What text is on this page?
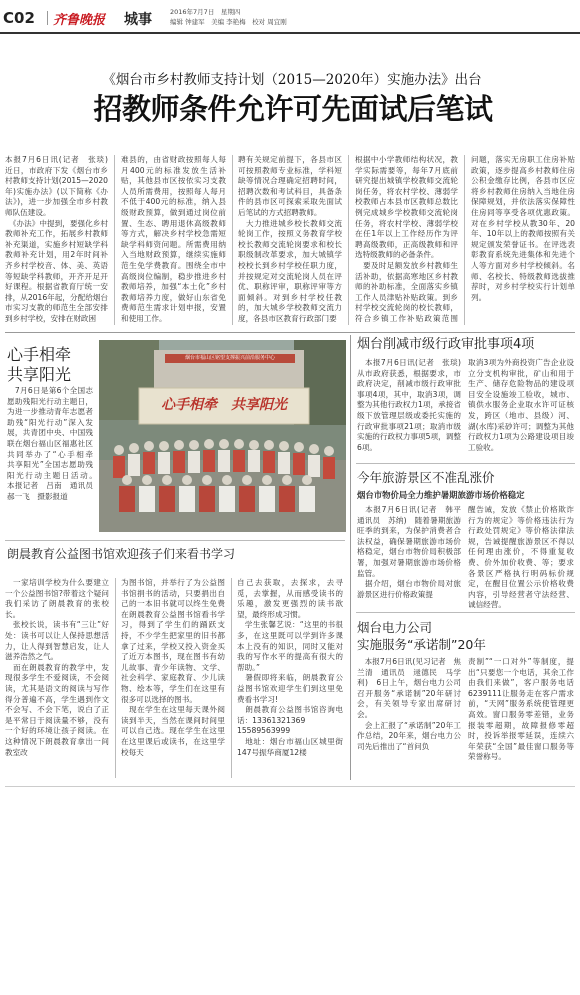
C02 齐鲁晚报 城事	2016年7月7日　星期四
编辑 钟建军　美编 李艳梅　校对 周宜刚
《烟台市乡村教师支持计划（2015—2020年）实施办法》出台
招教师条件允许可先面试后笔试
本报7月6日讯(记者　张琰)　近日，市政府下发《烟台市乡村教师支持计划(2015—2020年)实施办法》(以下简称《办法》)，进一步加强全市乡村教师队伍建设。
　《办法》中提到，要强化乡村教师补充工作，拓展乡村教师补充渠道，实施乡村短缺学科教师补充计划，用2年时间补齐乡村学校音、体、美、英语等短缺学科教师，开齐开足开好课程。根据省教育厅统一安排，从2016年起，分配给烟台市实习支教的师范生全部安排到乡村学校，安排在财政困
难县的，由省财政按照每人每月400元的标准发放生活补贴，其他县市区按依实习支教人员所需费用，按照每人每月不低于400元的标准，纳入县级财政预算，做到通过岗位前置、生态、聘用退休高级教师等方式，解决乡村学校急需短缺学科师资问题。所需费用纳入当地财政预算，继续实施师范生免学费教育。围绕全市中高级岗位编制，稳步推进乡村教师培养，加强“本土化”乡村教师培养力度，做好山东省免费师范生需求计划申报，安置和使用工作。

聘有关规定前提下，各县市区可按照教师专业标准，学科短缺等情况合理确定招聘时间，招聘次数和考试科目，具备条件的县市区可探索采取先面试后笔试的方式招聘教师。
　大力推进城乡校长教师交流轮岗工作，按照义务教育学校校长教师交流轮岗要求和校长职级制改革要求，加大城镇学校校长到乡村学校任职力度，并按规定对交流轮岗人员在评优、职称评审，职称评审等方面倾斜。对到乡村学校任教的，加大城乡学校教师交流力度，各县市区教育行政部门要
根据中小学教师结构状况，教学实际需要等，每年7月底前研究提出城镇学校教师交流轮岗任务，将农村学校、薄弱学校教师占本县市区教师总数比例完成城乡学校教师交流轮岗任务，将农村学校、薄弱学校在任1年以上工作经历作为评聘高级教师，正高级教师和评选特级教师的必备条件。
　要及时足额发放乡村教师生活补助，依据高寒地区乡村教师的补助标准，全面落实乡镇工作人员津贴补贴政策。到乡村学校交流轮岗的校长教师，符合乡镇工作补贴政策范围

问题，落实无房职工住房补贴政策，逐步提高乡村教师住房公积金缴存比例，各县市区应将乡村教师住房纳入当地住房保障规划，并依法落实保障性住房同等享受各项优惠政策。对在乡村学校从教30年、20年、10年以上的教师按照有关规定颁发荣誉证书。在评选表彰教育系统先进集体和先进个人等方面对乡村学校倾斜。名师、名校长、特级教师选拔推荐时，对乡村学校实行计划单列。
心手相牵
共享阳光
　7月6日是第6个全国志愿助残阳光行动主题日，为进一步推动青年志愿者助残“阳光行动”深入发展，共青团中央、中国残联在烟台福山区福惠社区共同举办了“心手相牵　共享阳光”全国志愿助残阳光行动主题日活动。　本报记者　吕南　通讯员　郝一飞　摄影报道
烟台市福山区铭望支撑振兴前沿服务中心
心手相牵　共享阳光
朗晨教育公益图书馆欢迎孩子们来看书学习
　一家培训学校为什么要建立一个公益图书馆?带着这个疑问我们采访了朗晨教育的张校长。
　张校长说，读书有“三让”好处：读书可以让人保持思想活力，让人得到智慧启发，让人滋养浩然之气。
　而在朗晨教育的教学中，发现很多学生不爱阅读，不会阅读，尤其是语文的阅读与写作得分普遍不高，学生遇到作文不会写、不会下笔，说白了正是平常日于阅读量不够，没有一个好的环境让孩子阅读。在这种情况下朗晨教育拿出一间教室改
为图书馆，并举行了为公益图书馆捐书的活动，只要捐出自己的一本旧书就可以终生免费在朗晨教育公益图书馆看书学习，得到了学生们的踊跃支持，不少学生把家里的旧书都拿了过来，学校又投入资金买了近万本图书，现在图书有幼儿故事、青少年读物、文学、社会科学、家庭教育、少儿读物、绘本等，学生们在这里有很多可以选择的图书。
　现在学生在这里每天课外阅读到半天，当然在课间时间里可以自己选。现在学生在这里在这里课后或读书，在这里学校每天
自己去获取，去探求，去寻觅，去掌握，从而感受读书的乐趣，激发更强烈的读书欲望，最终形成习惯。
　学生张馨艺说：“这里的书很多，在这里既可以学到许多课本上没有的知识，同时又能对我的写作水平的提高有很大的帮助。”
　暑假即将来临，朗晨教育公益图书馆欢迎学生们到这里免费看书学习!
　朗晨教育公益图书馆咨询电话：13361321369
15589563999
　地址：烟台市福山区城里街147号振华商厦12楼
烟台削减市级行政审批事项4项
　本报7月6日讯(记者　张琰)　从市政府获悉，根据要求，市政府决定，削减市级行政审批事项4项，其中，取消3项，调整为其他行政权力1项，承接省级下放管理层级或委托实施的行政审批事项21项；取消市级实施的行政权力事项5项，调整6项。
取消3项为外商投资广告企业设立分支机构审批，矿山和用于生产、储存危险物品的建设项目安全设施竣工验收，城市、镇供水服务企业取水许可证核发，跨区（地市、县级）河、湖(水库)采砂许可；调整为其他行政权力1项为公路建设项目竣工验收。
今年旅游景区不准乱涨价
烟台市物价局全力维护暑期旅游市场价格稳定
　本报7月6日讯(记者　韩平　通讯员　苏纳)　随着暑期旅游旺季的到来，为保护消费者合法权益，确保暑期旅游市场价格稳定，烟台市物价局积极部署，加强对暑期旅游市场价格监管。
　据介绍，烟台市物价局对旅游景区进行价格政策提
醒告诫，发放《禁止价格欺诈行为的规定》等价格违法行为行政处罚规定》等价格法律法规，告诫提醒旅游景区不得以任何理由涨价，不得重复收费、价外加价收费、等；要求各景区严格执行明码标价规定，在醒目位置公示价格收费内容，引导经营者守法经营、诚信经营。
烟台电力公司
实施服务“承诺制”20年
　本报7月6日讯(见习记者　焦兰清　通讯员　逯德民　马学利)　6日上午，烟台电力公司召开服务“承诺制”20年研讨会，有关领导专家出席研讨会。
　会上汇报了“承诺制”20年工作总结，20年来，烟台电力公司先后推出了“首问负
责制”“一口对外”等制度，提出“只要您一个电话，其余工作由我们来做”，客户服务电话6239111让服务走在客户需求前，“天网”服务系统使管理更高效。窗口服务零差错，业务报装零超期，故障报修零超时，投诉举报零延误，连续六年荣获“全国”最佳窗口服务等荣誉称号。
